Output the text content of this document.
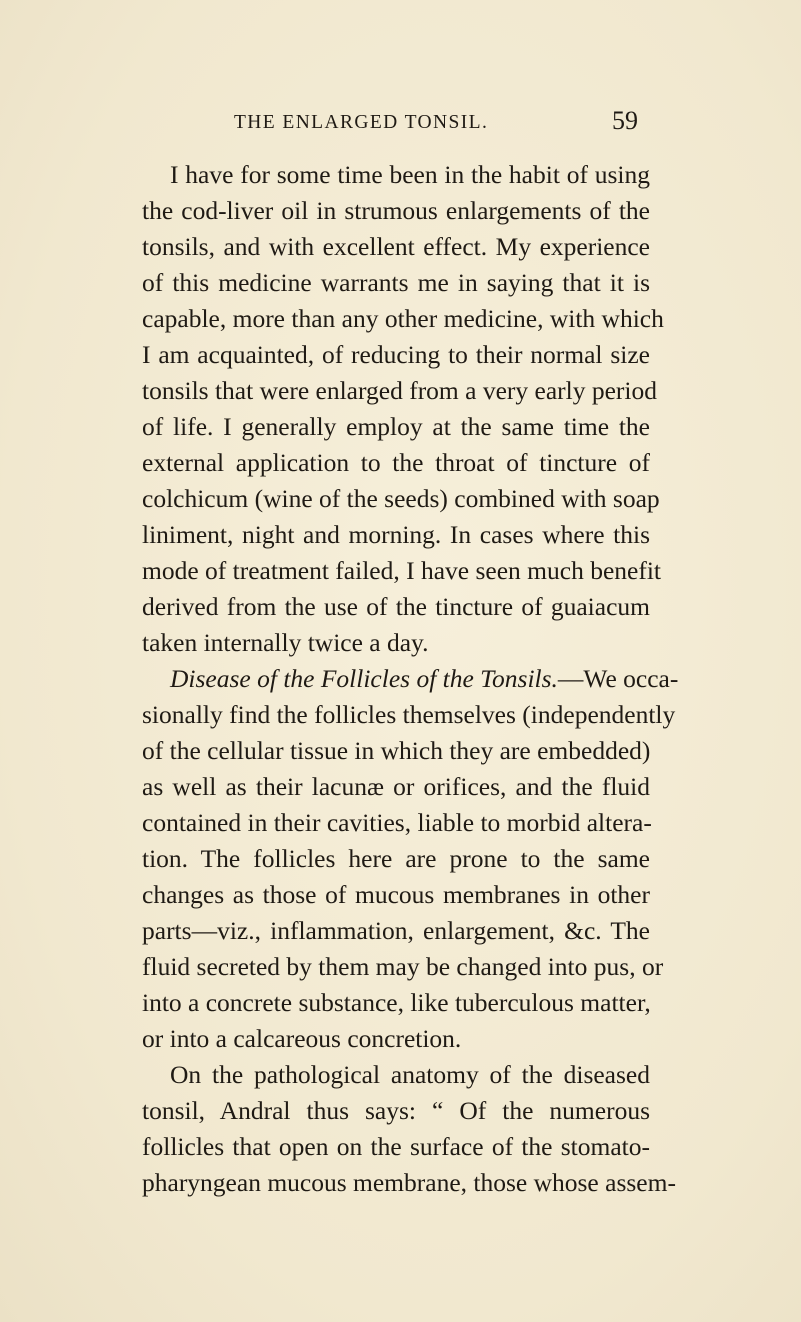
THE ENLARGED TONSIL.	59
I have for some time been in the habit of using
the cod-liver oil in strumous enlargements of the
tonsils, and with excellent effect. My experience
of this medicine warrants me in saying that it is
capable, more than any other medicine, with which
I am acquainted, of reducing to their normal size
tonsils that were enlarged from a very early period
of life. I generally employ at the same time the
external application to the throat of tincture of
colchicum (wine of the seeds) combined with soap
liniment, night and morning. In cases where this
mode of treatment failed, I have seen much benefit
derived from the use of the tincture of guaiacum
taken internally twice a day.
Disease of the Follicles of the Tonsils.—We occa-
sionally find the follicles themselves (independently
of the cellular tissue in which they are embedded)
as well as their lacunæ or orifices, and the fluid
contained in their cavities, liable to morbid altera-
tion. The follicles here are prone to the same
changes as those of mucous membranes in other
parts—viz., inflammation, enlargement, &c. The
fluid secreted by them may be changed into pus, or
into a concrete substance, like tuberculous matter,
or into a calcareous concretion.
On the pathological anatomy of the diseased
tonsil, Andral thus says: “ Of the numerous
follicles that open on the surface of the stomato-
pharyngean mucous membrane, those whose assem-
